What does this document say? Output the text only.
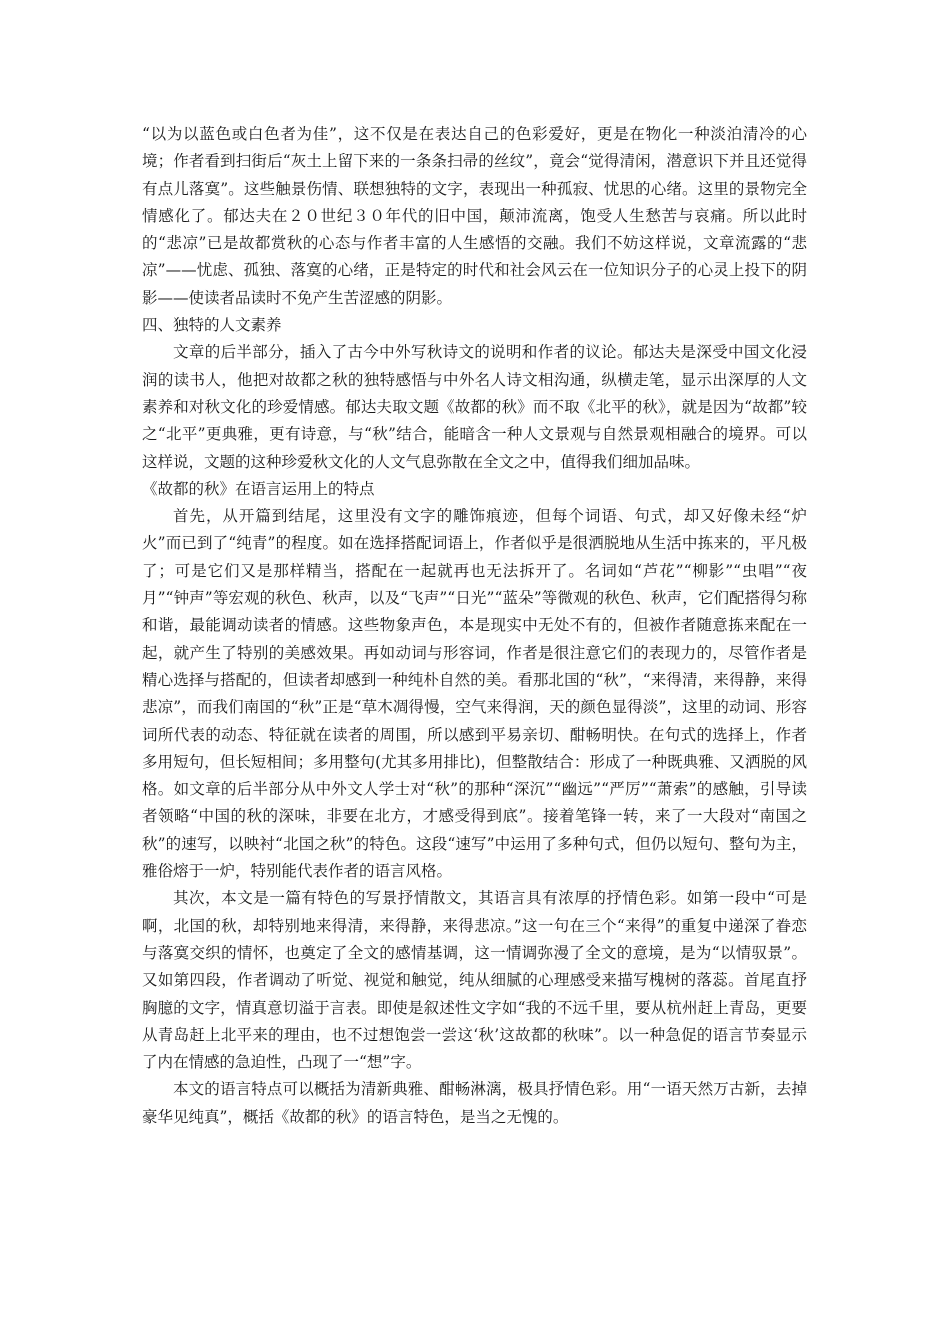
“以为以蓝色或白色者为佳”，这不仅是在表达自己的色彩爱好，更是在物化一种淡泊清冷的心境；作者看到扫街后“灰土上留下来的一条条扫帚的丝纹”，竟会“觉得清闲，潜意识下并且还觉得有点儿落寞”。这些触景伤情、联想独特的文字，表现出一种孤寂、忧思的心绪。这里的景物完全情感化了。郁达夫在２０世纪３０年代的旧中国，颠沛流离，饱受人生愁苦与哀痛。所以此时的“悲凉”已是故都赏秋的心态与作者丰富的人生感悟的交融。我们不妨这样说，文章流露的“悲凉”——忧虑、孤独、落寞的心绪，正是特定的时代和社会风云在一位知识分子的心灵上投下的阴影——使读者品读时不免产生苦涩感的阴影。

四、独特的人文素养

文章的后半部分，插入了古今中外写秋诗文的说明和作者的议论。郁达夫是深受中国文化浸润的读书人，他把对故都之秋的独特感悟与中外名人诗文相沟通，纵横走笔，显示出深厚的人文素养和对秋文化的珍爱情感。郁达夫取文题《故都的秋》而不取《北平的秋》，就是因为“故都”较之“北平”更典雅，更有诗意，与“秋”结合，能暗含一种人文景观与自然景观相融合的境界。可以这样说，文题的这种珍爱秋文化的人文气息弥散在全文之中，值得我们细加品味。

《故都的秋》在语言运用上的特点

首先，从开篇到结尾，这里没有文字的雕饰痕迹，但每个词语、句式，却又好像未经“炉火”而已到了“纯青”的程度。如在选择搭配词语上，作者似乎是很洒脱地从生活中拣来的，平凡极了；可是它们又是那样精当，搭配在一起就再也无法拆开了。名词如“芦花”“柳影”“虫唱”“夜月”“钟声”等宏观的秋色、秋声，以及“飞声”“日光”“蓝朵”等微观的秋色、秋声，它们配搭得匀称和谐，最能调动读者的情感。这些物象声色，本是现实中无处不有的，但被作者随意拣来配在一起，就产生了特别的美感效果。再如动词与形容词，作者是很注意它们的表现力的，尽管作者是精心选择与搭配的，但读者却感到一种纯朴自然的美。看那北国的“秋”，“来得清，来得静，来得悲凉”，而我们南国的“秋”正是“草木凋得慢，空气来得润，天的颜色显得淡”，这里的动词、形容词所代表的动态、特征就在读者的周围，所以感到平易亲切、酣畅明快。在句式的选择上，作者多用短句，但长短相间；多用整句(尤其多用排比)，但整散结合：形成了一种既典雅、又洒脱的风格。如文章的后半部分从中外文人学士对“秋”的那种“深沉”“幽远”“严厉”“萧索”的感触，引导读者领略“中国的秋的深味，非要在北方，才感受得到底”。接着笔锋一转，来了一大段对“南国之秋”的速写，以映衬“北国之秋”的特色。这段“速写”中运用了多种句式，但仍以短句、整句为主，雅俗熔于一炉，特别能代表作者的语言风格。

其次，本文是一篇有特色的写景抒情散文，其语言具有浓厚的抒情色彩。如第一段中“可是啊，北国的秋，却特别地来得清，来得静，来得悲凉。”这一句在三个“来得”的重复中递深了眷恋与落寞交织的情怀，也奠定了全文的感情基调，这一情调弥漫了全文的意境，是为“以情驭景”。又如第四段，作者调动了听觉、视觉和触觉，纯从细腻的心理感受来描写槐树的落蕊。首尾直抒胸臆的文字，情真意切溢于言表。即使是叙述性文字如“我的不远千里，要从杭州赶上青岛，更要从青岛赶上北平来的理由，也不过想饱尝一尝这‘秋’这故都的秋味”。以一种急促的语言节奏显示了内在情感的急迫性，凸现了一“想”字。

本文的语言特点可以概括为清新典雅、酣畅淋漓，极具抒情色彩。用“一语天然万古新，去掉豪华见纯真”，概括《故都的秋》的语言特色，是当之无愧的。
